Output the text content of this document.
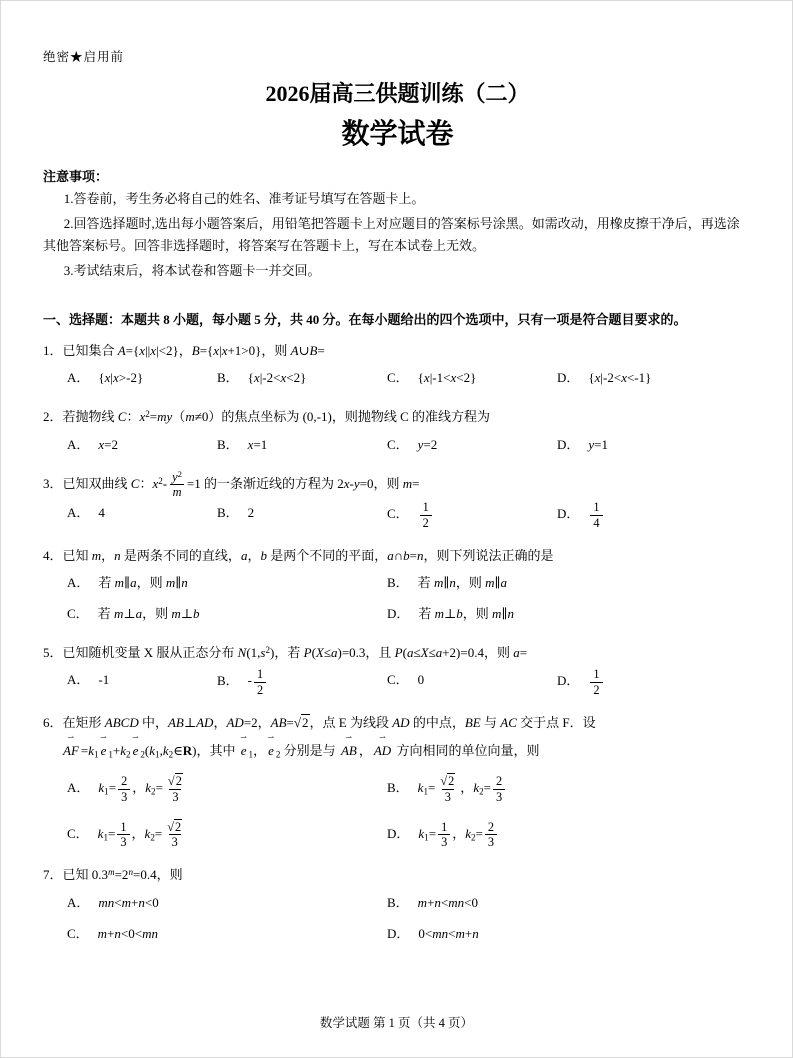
绝密★启用前
2026届高三供题训练（二）
数学试卷
注意事项：

1.答卷前，考生务必将自己的姓名、准考证号填写在答题卡上。

2.回答选择题时,选出每小题答案后，用铅笔把答题卡上对应题目的答案标号涂黑。如需改动，用橡皮擦干净后，再选涂其他答案标号。回答非选择题时，将答案写在答题卡上，写在本试卷上无效。

3.考试结束后，将本试卷和答题卡一并交回。

一、选择题：本题共 8 小题，每小题 5 分，共 40 分。在每小题给出的四个选项中，只有一项是符合题目要求的。
1．已知集合 A={x||x|<2}，B={x|x+1>0}，则 A∪B=
A． {x|x>-2}	B． {x|-2<x<2}	C． {x|-1<x<2}	D． {x|-2<x<-1}
2．若抛物线 C：$x^2=my(m\ne 0)$的焦点坐标为 (0,-1)，则抛物线 C 的准线方程为
A． x=2	B． x=1	C． y=2	D． y=1
3．已知双曲线 C：$x^2- \frac{y^2}{m} =1$ 的一条渐近线的方程为 2x-y=0，则 m=
A． 4	B． 2	C． $\frac{1}{2}$	D． $\frac{1}{4}$
4．已知 m，n 是两条不同的直线，a，b 是两个不同的平面，a∩b=n，则下列说法正确的是
A． 若 m∥a，则 m∥n	B． 若 m∥n，则 m∥a
C． 若 m⊥a，则 m⊥b	D． 若 m⊥b，则 m∥n
5．已知随机变量 X 服从正态分布 $N(1,s^2)$，若 P(X≤a)=0.3，且 P(a≤X≤a+2)=0.4，则 a=
A． -1	B． - $\frac{1}{2}$	C． 0	D． $\frac{1}{2}$
6．在矩形 ABCD 中，AB⊥AD，AD=2，AB=√2，点 E 为线段 AD 的中点，BE 与 AC 交于点 F．设
AF ⇀ =k1 e ⇀ 1+k2 e ⇀ 2(k1,k2∈R)，其中 e ⇀ 1， e ⇀ 2 分别是与 AB ⇀ ， AD ⇀ 方向相同的单位向量，则
A． $k1= \frac{2}{3}$ ，$k2= \frac{√2}{3}$	B． $k1= \frac{√2}{3}$ ，$k2= \frac{2}{3}$
C． $k1= \frac{1}{3}$ ，$k2= \frac{√2}{3}$	D． $k1= \frac{1}{3}$ ，$k2= \frac{2}{3}$
7．已知 $0.3^m=2^n=0.4$，则
A． mn<m+n<0	B． m+n<mn<0
C． m+n<0<mn	D． 0<mn<m+n
数学试题 第 1 页（共 4 页）
